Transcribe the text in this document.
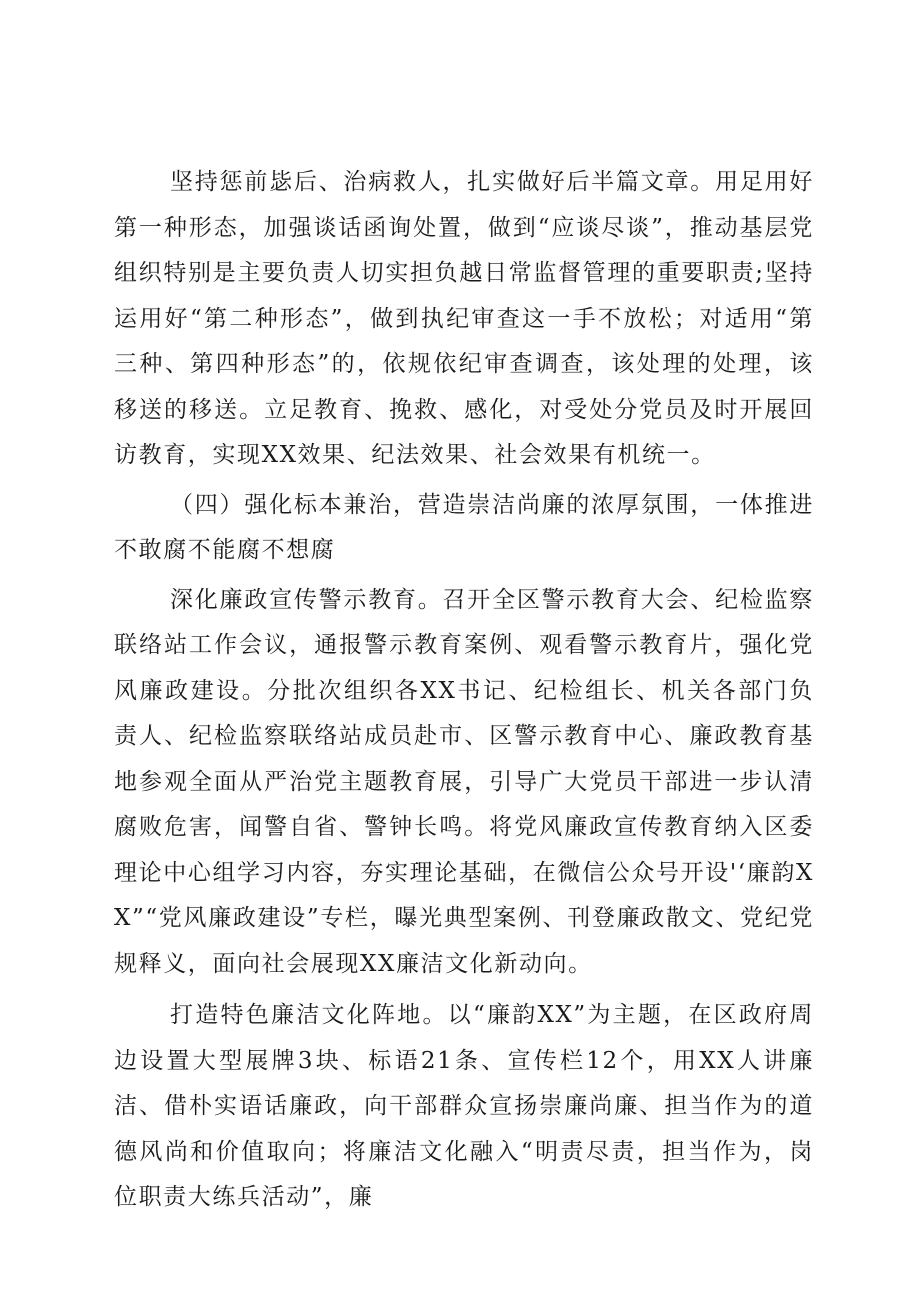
坚持惩前毖后、治病救人，扎实做好后半篇文章。用足用好第一种形态，加强谈话函询处置，做到“应谈尽谈”，推动基层党组织特别是主要负责人切实担负越日常监督管理的重要职责;坚持运用好“第二种形态”，做到执纪审查这一手不放松；对适用“第三种、第四种形态”的，依规依纪审查调查，该处理的处理，该移送的移送。立足教育、挽救、感化，对受处分党员及时开展回访教育，实现XX效果、纪法效果、社会效果有机统一。

（四）强化标本兼治，营造崇洁尚廉的浓厚氛围，一体推进不敢腐不能腐不想腐

深化廉政宣传警示教育。召开全区警示教育大会、纪检监察联络站工作会议，通报警示教育案例、观看警示教育片，强化党风廉政建设。分批次组织各XX书记、纪检组长、机关各部门负责人、纪检监察联络站成员赴市、区警示教育中心、廉政教育基地参观全面从严治党主题教育展，引导广大党员干部进一步认清腐败危害，闻警自省、警钟长鸣。将党风廉政宣传教育纳入区委理论中心组学习内容，夯实理论基础，在微信公众号开设'‘廉韵XX”“党风廉政建设”专栏，曝光典型案例、刊登廉政散文、党纪党规释义，面向社会展现XX廉洁文化新动向。

打造特色廉洁文化阵地。以“廉韵XX”为主题，在区政府周边设置大型展牌3块、标语21条、宣传栏12个，用XX人讲廉洁、借朴实语话廉政，向干部群众宣扬崇廉尚廉、担当作为的道德风尚和价值取向；将廉洁文化融入“明责尽责，担当作为，岗位职责大练兵活动”，廉
